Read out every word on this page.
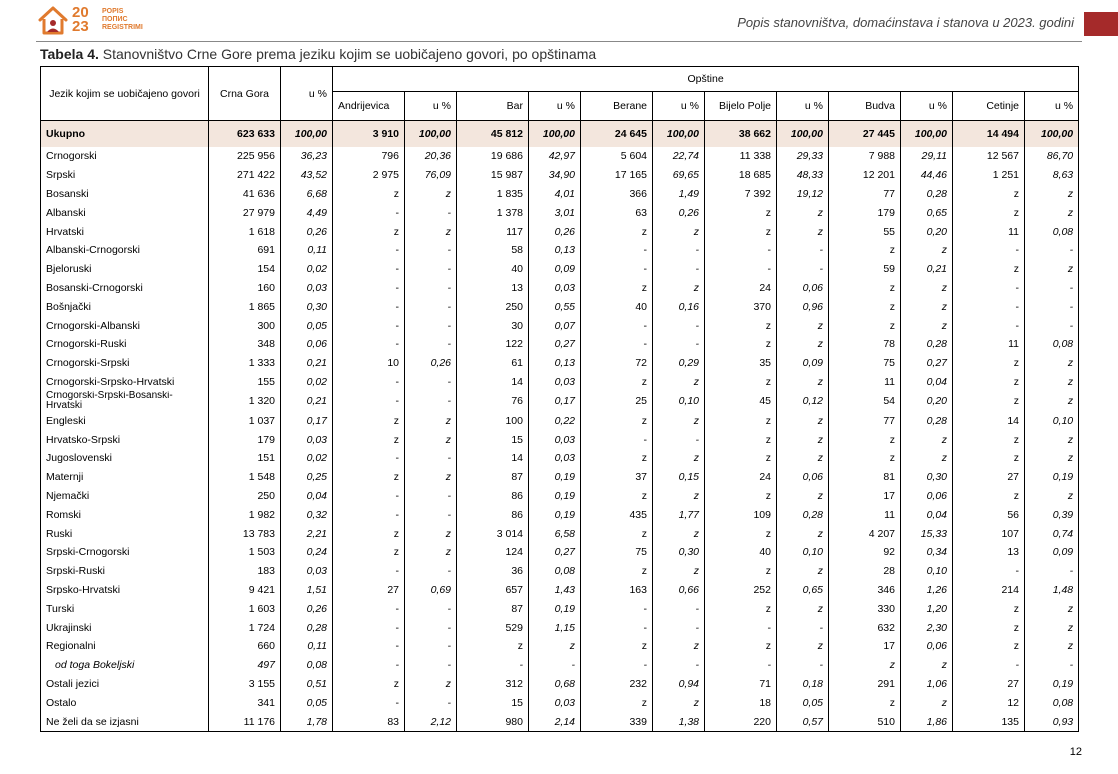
20
23
POPIS
ПОПИС
REGISTRIMI	Popis stanovništva, domaćinstava i stanova u 2023. godini
Tabela 4. Stanovništvo Crne Gore prema jeziku kojim se uobičajeno govori, po opštinama
Jezik kojim se uobičajeno govori	Crna Gora	u %	Opštine											
			Andrijevica	u %	Bar	u %	Berane	u %	Bijelo Polje	u %	Budva	u %	Cetinje	u %
Ukupno	623 633	100,00	3 910	100,00	45 812	100,00	24 645	100,00	38 662	100,00	27 445	100,00	14 494	100,00
Crnogorski	225 956	36,23	796	20,36	19 686	42,97	5 604	22,74	11 338	29,33	7 988	29,11	12 567	86,70
Srpski	271 422	43,52	2 975	76,09	15 987	34,90	17 165	69,65	18 685	48,33	12 201	44,46	1 251	8,63
Bosanski	41 636	6,68	z	z	1 835	4,01	366	1,49	7 392	19,12	77	0,28	z	z
Albanski	27 979	4,49	-	-	1 378	3,01	63	0,26	z	z	179	0,65	z	z
Hrvatski	1 618	0,26	z	z	117	0,26	z	z	z	z	55	0,20	11	0,08
Albanski-Crnogorski	691	0,11	-	-	58	0,13	-	-	-	-	z	z	-	-
Bjeloruski	154	0,02	-	-	40	0,09	-	-	-	-	59	0,21	z	z
Bosanski-Crnogorski	160	0,03	-	-	13	0,03	z	z	24	0,06	z	z	-	-
Bošnjački	1 865	0,30	-	-	250	0,55	40	0,16	370	0,96	z	z	-	-
Crnogorski-Albanski	300	0,05	-	-	30	0,07	-	-	z	z	z	z	-	-
Crnogorski-Ruski	348	0,06	-	-	122	0,27	-	-	z	z	78	0,28	11	0,08
Crnogorski-Srpski	1 333	0,21	10	0,26	61	0,13	72	0,29	35	0,09	75	0,27	z	z
Crnogorski-Srpsko-Hrvatski	155	0,02	-	-	14	0,03	z	z	z	z	11	0,04	z	z
Crnogorski-Srpski-Bosanski-Hrvatski	1 320	0,21	-	-	76	0,17	25	0,10	45	0,12	54	0,20	z	z
Engleski	1 037	0,17	z	z	100	0,22	z	z	z	z	77	0,28	14	0,10
Hrvatsko-Srpski	179	0,03	z	z	15	0,03	-	-	z	z	z	z	z	z
Jugoslovenski	151	0,02	-	-	14	0,03	z	z	z	z	z	z	z	z
Maternji	1 548	0,25	z	z	87	0,19	37	0,15	24	0,06	81	0,30	27	0,19
Njemački	250	0,04	-	-	86	0,19	z	z	z	z	17	0,06	z	z
Romski	1 982	0,32	-	-	86	0,19	435	1,77	109	0,28	11	0,04	56	0,39
Ruski	13 783	2,21	z	z	3 014	6,58	z	z	z	z	4 207	15,33	107	0,74
Srpski-Crnogorski	1 503	0,24	z	z	124	0,27	75	0,30	40	0,10	92	0,34	13	0,09
Srpski-Ruski	183	0,03	-	-	36	0,08	z	z	z	z	28	0,10	-	-
Srpsko-Hrvatski	9 421	1,51	27	0,69	657	1,43	163	0,66	252	0,65	346	1,26	214	1,48
Turski	1 603	0,26	-	-	87	0,19	-	-	z	z	330	1,20	z	z
Ukrajinski	1 724	0,28	-	-	529	1,15	-	-	-	-	632	2,30	z	z
Regionalni	660	0,11	-	-	z	z	z	z	z	z	17	0,06	z	z
od toga Bokeljski	497	0,08	-	-	-	-	-	-	-	-	z	z	-	-
Ostali jezici	3 155	0,51	z	z	312	0,68	232	0,94	71	0,18	291	1,06	27	0,19
Ostalo	341	0,05	-	-	15	0,03	z	z	18	0,05	z	z	12	0,08
Ne želi da se izjasni	11 176	1,78	83	2,12	980	2,14	339	1,38	220	0,57	510	1,86	135	0,93
12
